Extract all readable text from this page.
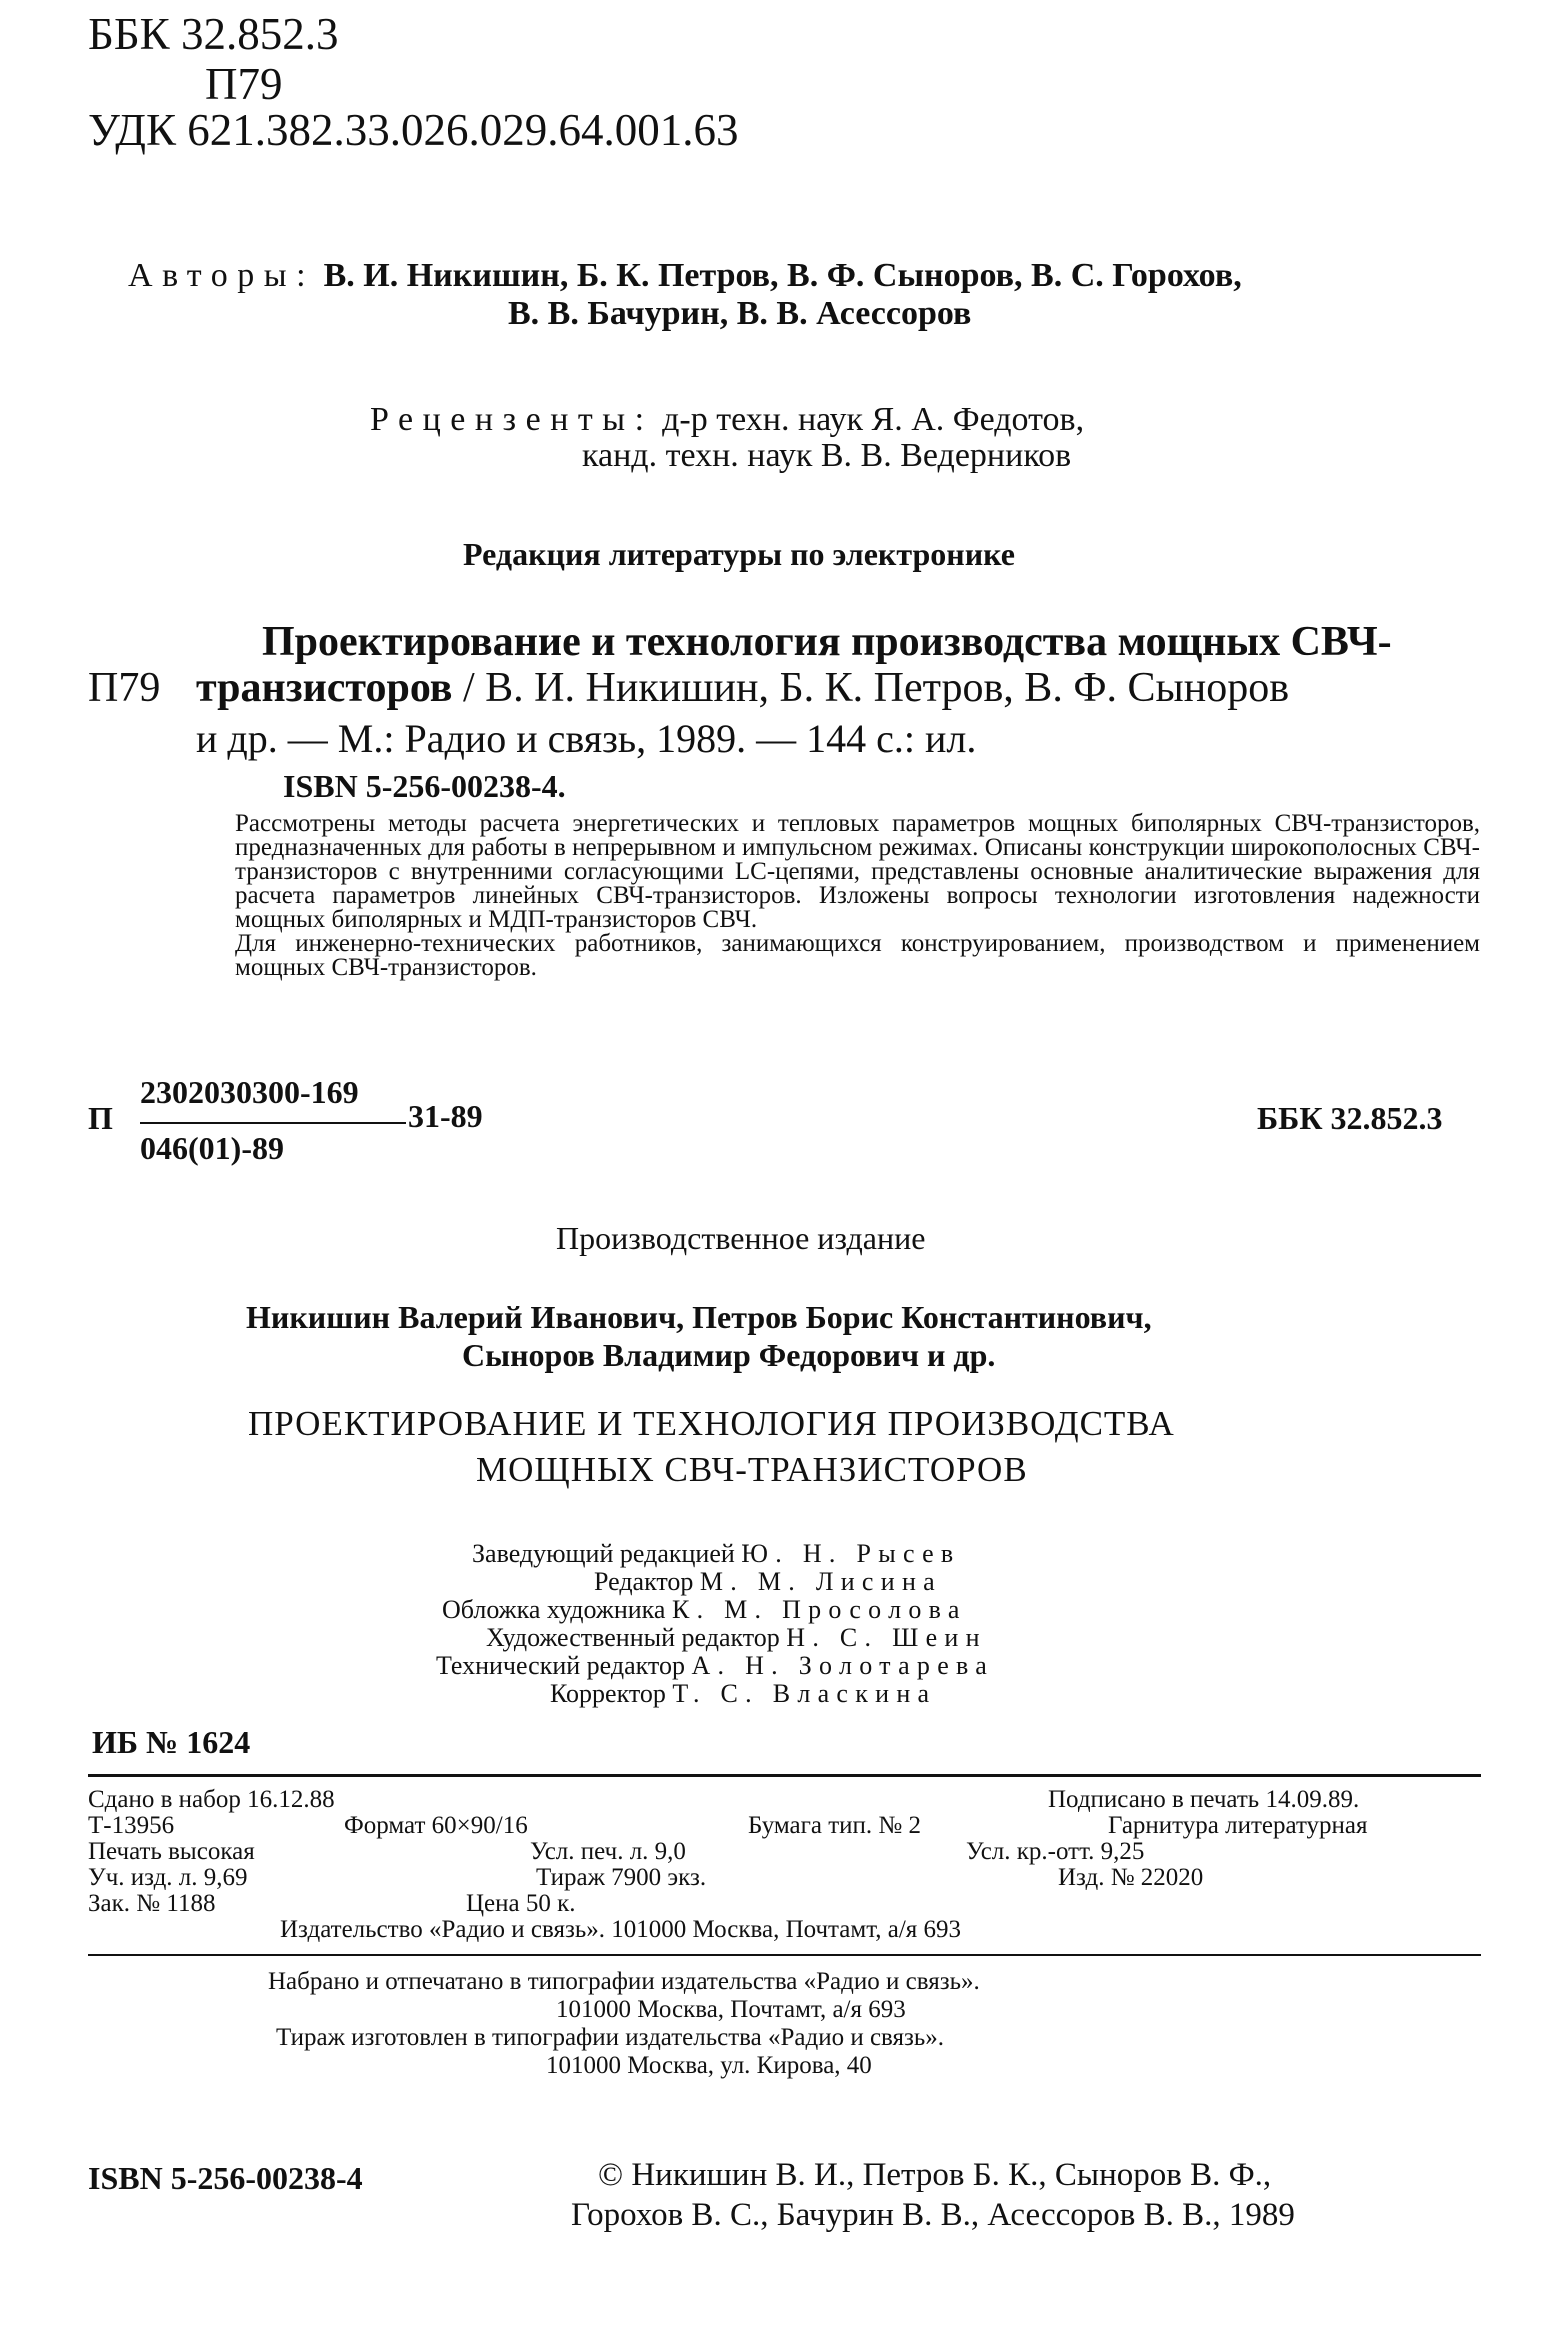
ББК 32.852.3
П79
УДК 621.382.33.026.029.64.001.63
Авторы: В. И. Никишин, Б. К. Петров, В. Ф. Сыноров, В. С. Горохов,
В. В. Бачурин, В. В. Асессоров
Рецензенты: д-р техн. наук Я. А. Федотов,
канд. техн. наук В. В. Ведерников
Редакция литературы по электронике
Проектирование и технология производства мощных СВЧ-
П79 транзисторов / В. И. Никишин, Б. К. Петров, В. Ф. Сыноров
и др. — М.: Радио и связь, 1989. — 144 с.: ил.
ISBN 5-256-00238-4.

Рассмотрены методы расчета энергетических и тепловых параметров мощных биполярных СВЧ-транзисторов, предназначенных для работы в непрерывном и импульсном режимах. Описаны конструкции широкополосных СВЧ-транзисторов с внутренними согласующими LC-цепями, представлены основные аналитические выражения для расчета параметров линейных СВЧ-транзисторов. Изложены вопросы технологии изготовления надежности мощных биполярных и МДП-транзисторов СВЧ.

Для инженерно-технических работников, занимающихся конструированием, производством и применением мощных СВЧ-транзисторов.

П
2302030300-169
31-89
046(01)-89
ББК 32.852.3
Производственное издание
Никишин Валерий Иванович, Петров Борис Константинович,
Сыноров Владимир Федорович и др.
ПРОЕКТИРОВАНИЕ И ТЕХНОЛОГИЯ ПРОИЗВОДСТВА
МОЩНЫХ СВЧ-ТРАНЗИСТОРОВ
Заведующий редакцией Ю. Н. Рысев
Редактор М. М. Лисина
Обложка художника К. М. Просолова
Художественный редактор Н. С. Шеин
Технический редактор А. Н. Золотарева
Корректор Т. С. Власкина
ИБ № 1624
Сдано в набор 16.12.88	Подписано в печать 14.09.89.
Т-13956	Формат 60×90/16	Бумага тип. № 2	Гарнитура литературная
Печать высокая	Усл. печ. л. 9,0	Усл. кр.-отт. 9,25
Уч. изд. л. 9,69	Тираж 7900 экз.	Изд. № 22020
Зак. № 1188	Цена 50 к.
Издательство «Радио и связь». 101000 Москва, Почтамт, а/я 693
Набрано и отпечатано в типографии издательства «Радио и связь».
101000 Москва, Почтамт, а/я 693
Тираж изготовлен в типографии издательства «Радио и связь».
101000 Москва, ул. Кирова, 40
ISBN 5-256-00238-4	© Никишин В. И., Петров Б. К., Сыноров В. Ф.,
Горохов В. С., Бачурин В. В., Асессоров В. В., 1989
